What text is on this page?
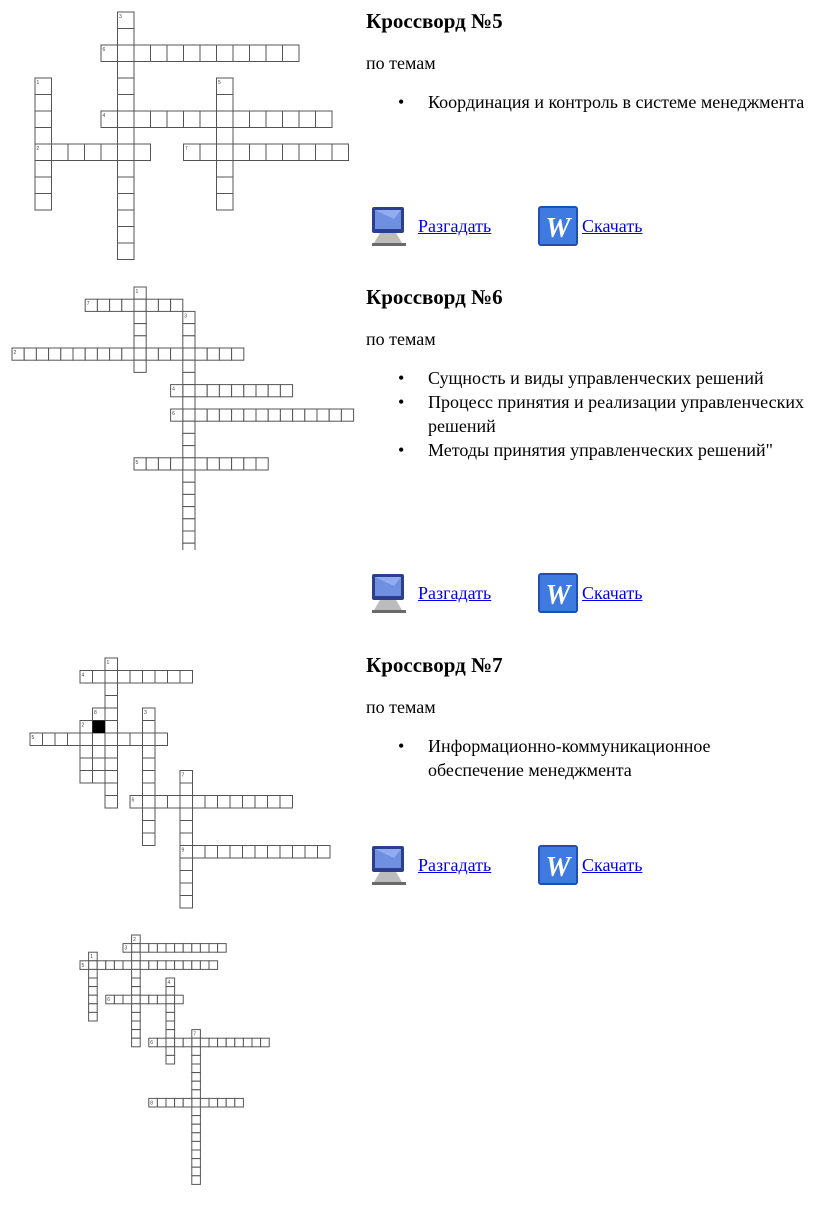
3
6
1	5
4
2	7
1
7
3
2
4
6
5
1
4
8	3
2
5
7
6
9
2
3
1
5
4
6
7
6
8
Кроссворд №5

по темам

• Координация и контроль в системе менеджмента
Разгадать W Скачать
Кроссворд №6

по темам

• Сущность и виды управленческих решений
• Процесс принятия и реализации управленческих решений
• Методы принятия управленческих решений"
Разгадать W Скачать
Кроссворд №7

по темам

• Информационно-коммуникационное обеспечение менеджмента
Разгадать W Скачать
